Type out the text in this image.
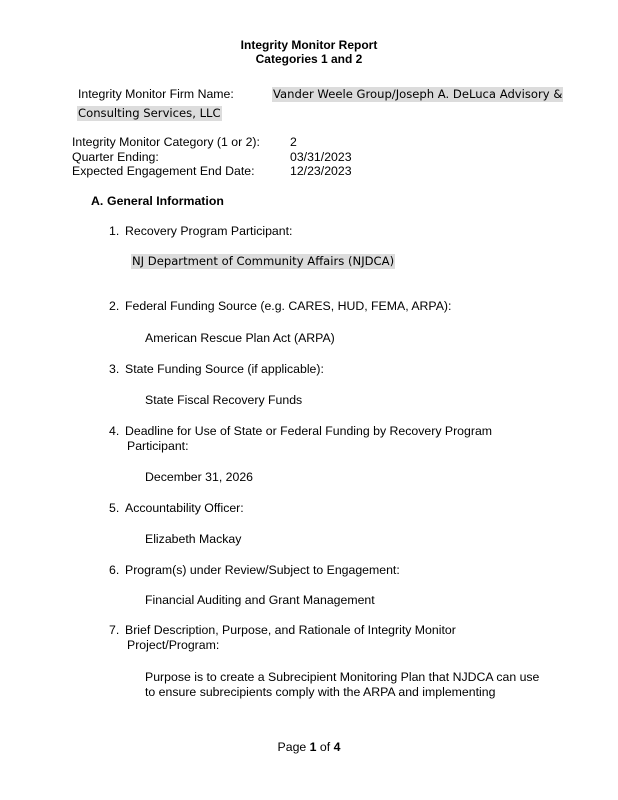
Integrity Monitor Report
Categories 1 and 2
Integrity Monitor Firm Name:	Vander Weele Group/Joseph A. DeLuca Advisory &
Consulting Services, LLC
Integrity Monitor Category (1 or 2): 2
Quarter Ending:	03/31/2023
Expected Engagement End Date:	12/23/2023
A. General Information
1. Recovery Program Participant:
NJ Department of Community Affairs (NJDCA)
2. Federal Funding Source (e.g. CARES, HUD, FEMA, ARPA):
American Rescue Plan Act (ARPA)
3. State Funding Source (if applicable):
State Fiscal Recovery Funds
4. Deadline for Use of State or Federal Funding by Recovery Program
Participant:
December 31, 2026
5. Accountability Officer:
Elizabeth Mackay
6. Program(s) under Review/Subject to Engagement:
Financial Auditing and Grant Management
7. Brief Description, Purpose, and Rationale of Integrity Monitor
Project/Program:
Purpose is to create a Subrecipient Monitoring Plan that NJDCA can use
to ensure subrecipients comply with the ARPA and implementing
Page 1 of 4
